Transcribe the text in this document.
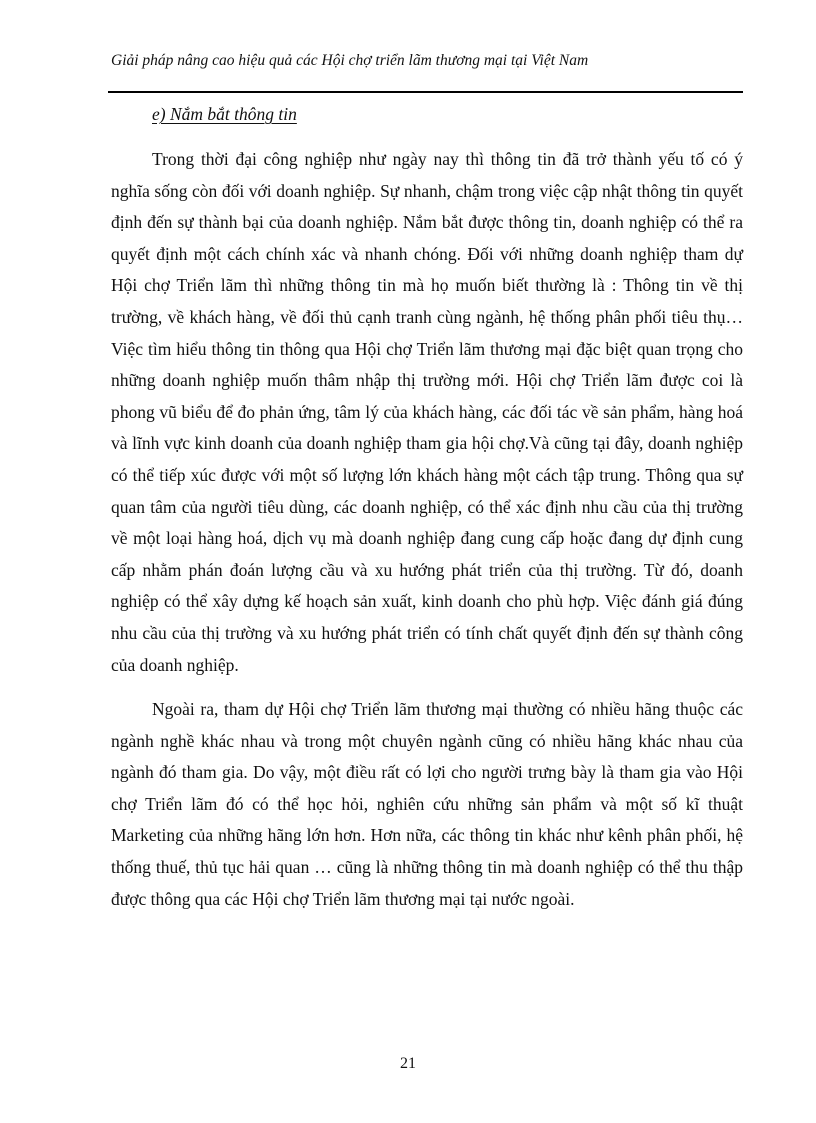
Giải pháp nâng cao hiệu quả các Hội chợ triển lãm thương mại tại Việt Nam
e) Nắm bắt thông tin

Trong thời đại công nghiệp như ngày nay thì thông tin đã trở thành yếu tố có ý nghĩa sống còn đối với doanh nghiệp. Sự nhanh, chậm trong việc cập nhật thông tin quyết định đến sự thành bại của doanh nghiệp. Nắm bắt được thông tin, doanh nghiệp có thể ra quyết định một cách chính xác và nhanh chóng. Đối với những doanh nghiệp tham dự Hội chợ Triển lãm thì những thông tin mà họ muốn biết thường là : Thông tin về thị trường, về khách hàng, về đối thủ cạnh tranh cùng ngành, hệ thống phân phối tiêu thụ…Việc tìm hiểu thông tin thông qua Hội chợ Triển lãm thương mại đặc biệt quan trọng cho những doanh nghiệp muốn thâm nhập thị trường mới. Hội chợ Triển lãm được coi là phong vũ biểu để đo phản ứng, tâm lý của khách hàng, các đối tác về sản phẩm, hàng hoá và lĩnh vực kinh doanh của doanh nghiệp tham gia hội chợ.Và cũng tại đây, doanh nghiệp có thể tiếp xúc được với một số lượng lớn khách hàng một cách tập trung. Thông qua sự quan tâm của người tiêu dùng, các doanh nghiệp, có thể xác định nhu cầu của thị trường về một loại hàng hoá, dịch vụ mà doanh nghiệp đang cung cấp hoặc đang dự định cung cấp nhằm phán đoán lượng cầu và xu hướng phát triển của thị trường. Từ đó, doanh nghiệp có thể xây dựng kế hoạch sản xuất, kinh doanh cho phù hợp. Việc đánh giá đúng nhu cầu của thị trường và xu hướng phát triển có tính chất quyết định đến sự thành công của doanh nghiệp.

Ngoài ra, tham dự Hội chợ Triển lãm thương mại thường có nhiều hãng thuộc các ngành nghề khác nhau và trong một chuyên ngành cũng có nhiều hãng khác nhau của ngành đó tham gia. Do vậy, một điều rất có lợi cho người trưng bày là tham gia vào Hội chợ Triển lãm đó có thể học hỏi, nghiên cứu những sản phẩm và một số kĩ thuật Marketing của những hãng lớn hơn. Hơn nữa, các thông tin khác như kênh phân phối, hệ thống thuế, thủ tục hải quan … cũng là những thông tin mà doanh nghiệp có thể thu thập được thông qua các Hội chợ Triển lãm thương mại tại nước ngoài.

21
